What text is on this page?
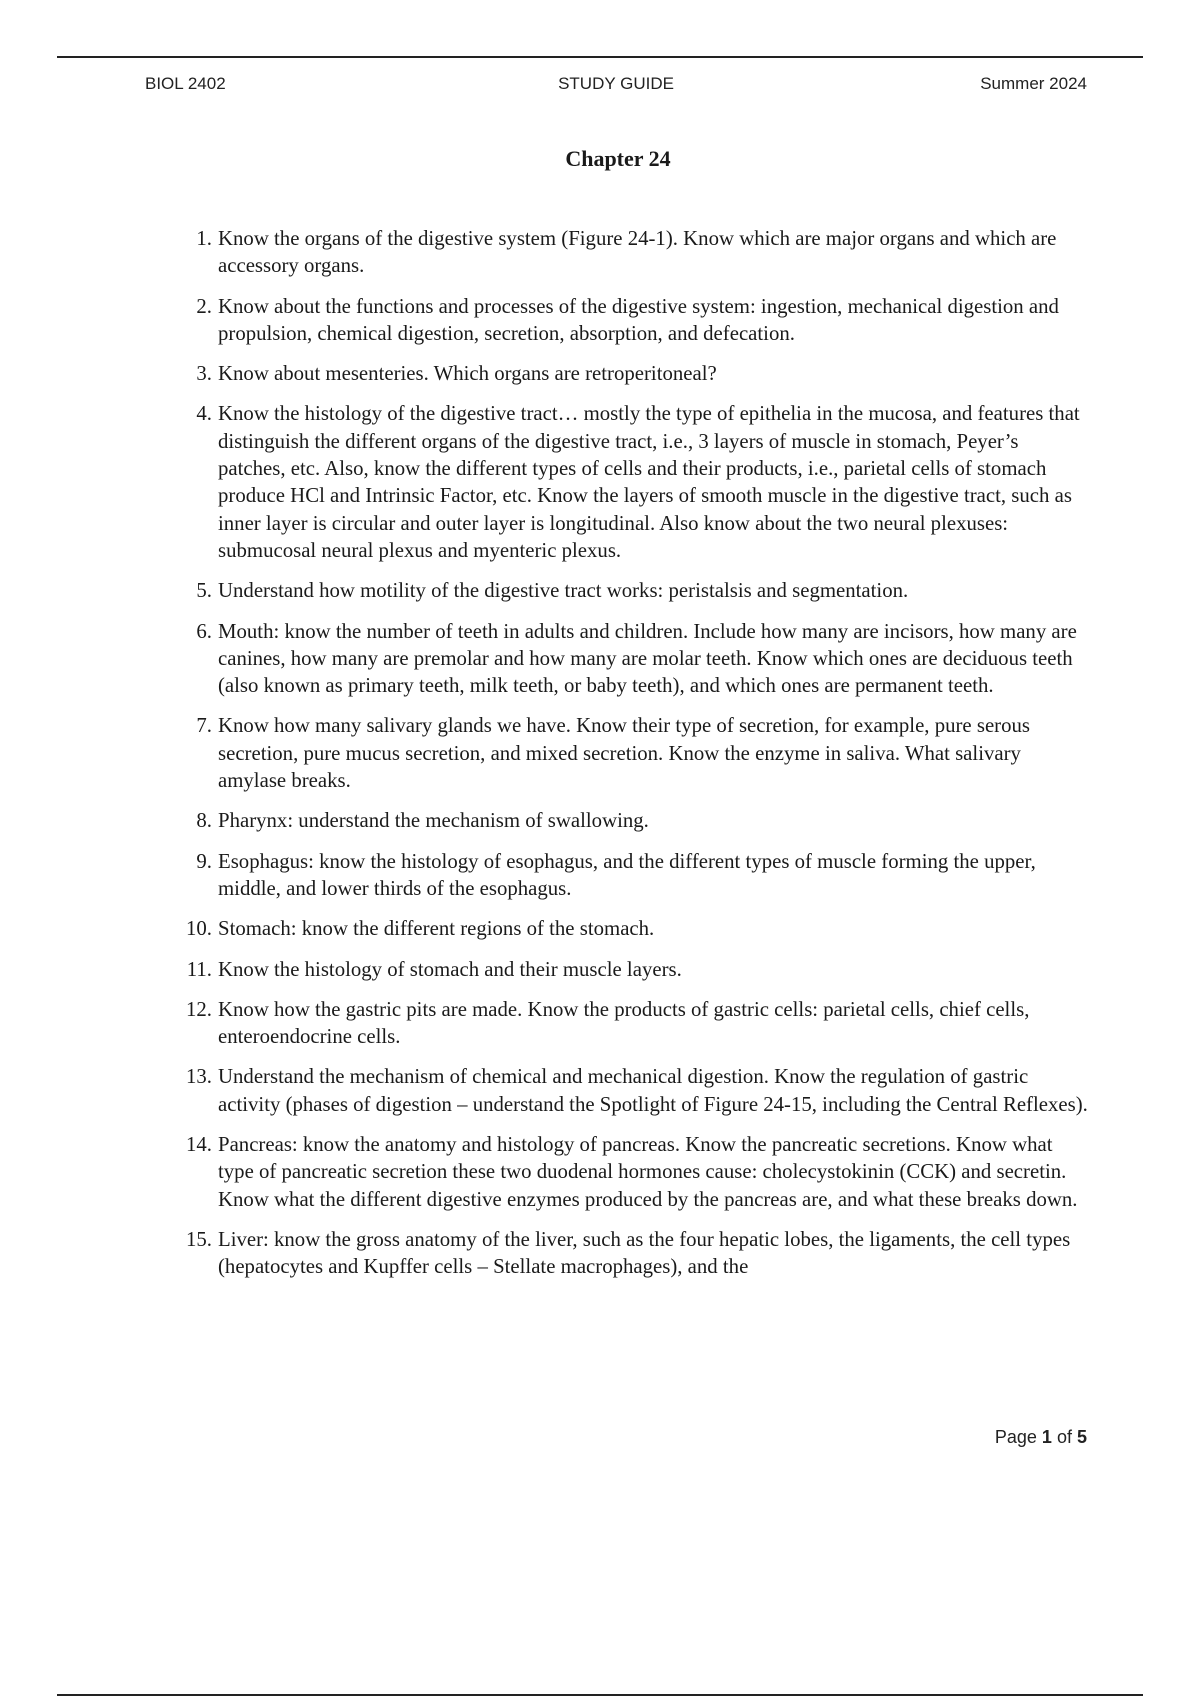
BIOL 2402	STUDY GUIDE	Summer 2024
Chapter 24
1. Know the organs of the digestive system (Figure 24-1). Know which are major organs and which are accessory organs.
2. Know about the functions and processes of the digestive system: ingestion, mechanical digestion and propulsion, chemical digestion, secretion, absorption, and defecation.
3. Know about mesenteries. Which organs are retroperitoneal?
4. Know the histology of the digestive tract… mostly the type of epithelia in the mucosa, and features that distinguish the different organs of the digestive tract, i.e., 3 layers of muscle in stomach, Peyer’s patches, etc. Also, know the different types of cells and their products, i.e., parietal cells of stomach produce HCl and Intrinsic Factor, etc. Know the layers of smooth muscle in the digestive tract, such as inner layer is circular and outer layer is longitudinal. Also know about the two neural plexuses: submucosal neural plexus and myenteric plexus.
5. Understand how motility of the digestive tract works: peristalsis and segmentation.
6. Mouth: know the number of teeth in adults and children. Include how many are incisors, how many are canines, how many are premolar and how many are molar teeth. Know which ones are deciduous teeth (also known as primary teeth, milk teeth, or baby teeth), and which ones are permanent teeth.
7. Know how many salivary glands we have. Know their type of secretion, for example, pure serous secretion, pure mucus secretion, and mixed secretion. Know the enzyme in saliva. What salivary amylase breaks.
8. Pharynx: understand the mechanism of swallowing.
9. Esophagus: know the histology of esophagus, and the different types of muscle forming the upper, middle, and lower thirds of the esophagus.
10. Stomach: know the different regions of the stomach.
11. Know the histology of stomach and their muscle layers.
12. Know how the gastric pits are made. Know the products of gastric cells: parietal cells, chief cells, enteroendocrine cells.
13. Understand the mechanism of chemical and mechanical digestion. Know the regulation of gastric activity (phases of digestion – understand the Spotlight of Figure 24-15, including the Central Reflexes).
14. Pancreas: know the anatomy and histology of pancreas. Know the pancreatic secretions. Know what type of pancreatic secretion these two duodenal hormones cause: cholecystokinin (CCK) and secretin. Know what the different digestive enzymes produced by the pancreas are, and what these breaks down.
15. Liver: know the gross anatomy of the liver, such as the four hepatic lobes, the ligaments, the cell types (hepatocytes and Kupffer cells – Stellate macrophages), and the
Page 1 of 5
